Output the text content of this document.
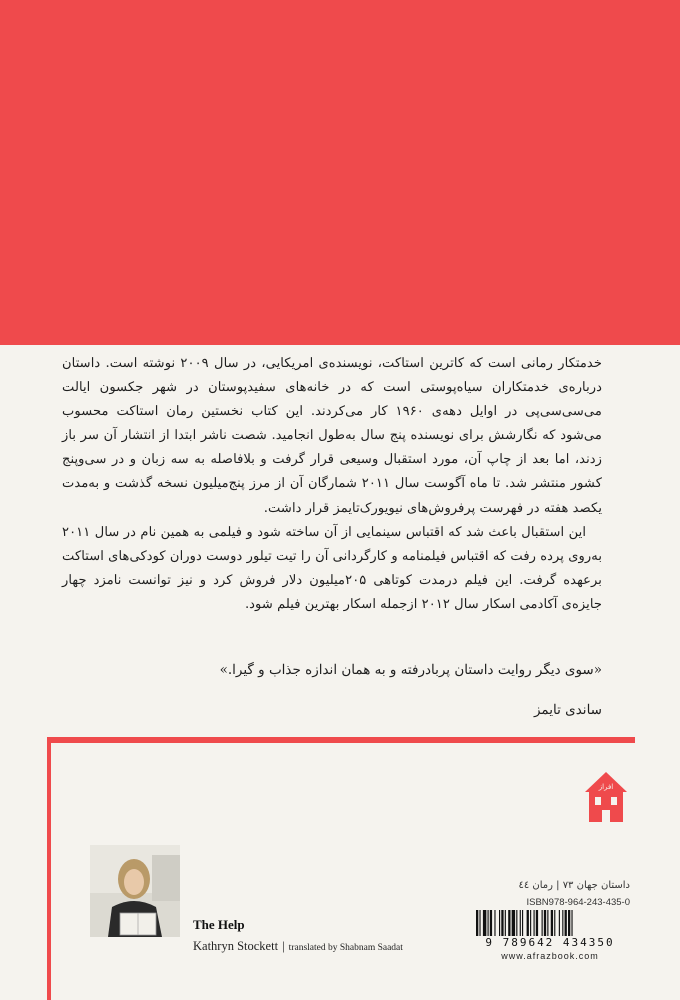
خدمتکار رمانی است که کاترین استاکت، نویسنده‌ی امریکایی، در سال ۲۰۰۹ نوشته است. داستان درباره‌ی خدمتکاران سیاه‌پوستی است که در خانه‌های سفیدپوستان در شهر جکسون ایالت می‌سی‌سی‌پی در اوایل دهه‌ی ۱۹۶۰ کار می‌کردند. این کتاب نخستین رمان استاکت محسوب می‌شود که نگارشش برای نویسنده پنج سال به‌طول انجامید. شصت ناشر ابتدا از انتشار آن سر باز زدند، اما بعد از چاپ آن، مورد استقبال وسیعی قرار گرفت و بلافاصله به سه زبان و در سی‌وپنج کشور منتشر شد. تا ماه آگوست سال ۲۰۱۱ شمارگان آن از مرز پنج‌میلیون نسخه گذشت و به‌مدت یکصد هفته در فهرست پرفروش‌های نیویورک‌تایمز قرار داشت.

این استقبال باعث شد که اقتباس سینمایی از آن ساخته شود و فیلمی به همین نام در سال ۲۰۱۱ به‌روی پرده رفت که اقتباس فیلمنامه و کارگردانی آن را تیت تیلور دوست دوران کودکی‌های استاکت برعهده گرفت. این فیلم درمدت کوتاهی ۲۰۵میلیون دلار فروش کرد و نیز توانست نامزد چهار جایزه‌ی آکادمی اسکار سال ۲۰۱۲ ازجمله اسکار بهترین فیلم شود.

«سوی دیگر روایت داستان پربادرفته و به همان اندازه جذاب و گیرا.»
ساندی تایمز
افراز
داستان جهان ۷۳ | رمان ٤٤
ISBN978-964-243-435-0
9 789642 434350
www.afrazbook.com
The Help
Kathryn Stockett | translated by Shabnam Saadat
